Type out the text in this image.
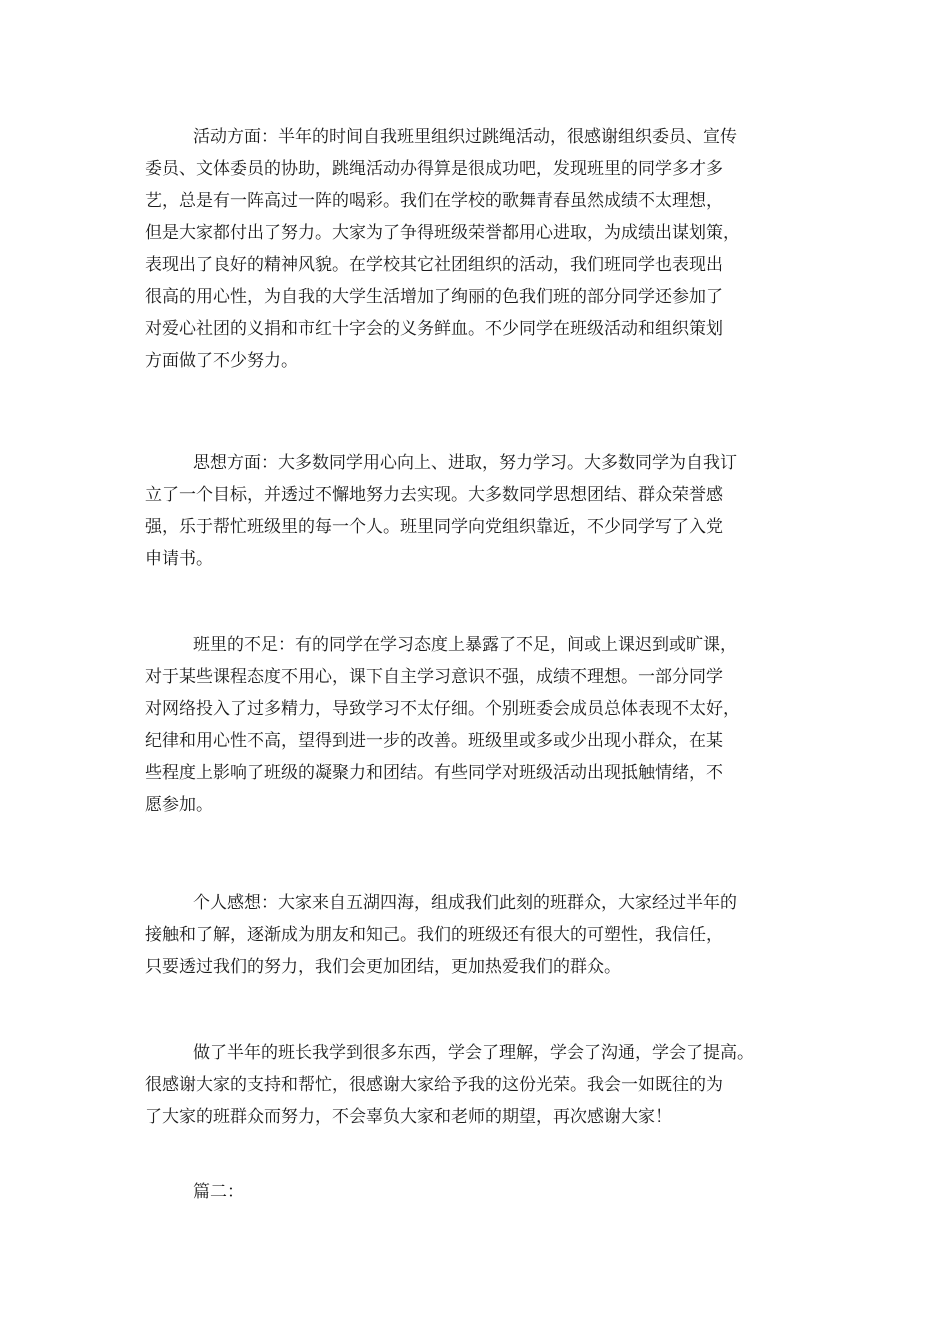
活动方面：半年的时间自我班里组织过跳绳活动，很感谢组织委员、宣传
委员、文体委员的协助，跳绳活动办得算是很成功吧，发现班里的同学多才多
艺，总是有一阵高过一阵的喝彩。我们在学校的歌舞青春虽然成绩不太理想，
但是大家都付出了努力。大家为了争得班级荣誉都用心进取，为成绩出谋划策，
表现出了良好的精神风貌。在学校其它社团组织的活动，我们班同学也表现出
很高的用心性，为自我的大学生活增加了绚丽的色我们班的部分同学还参加了
对爱心社团的义捐和市红十字会的义务鲜血。不少同学在班级活动和组织策划
方面做了不少努力。

思想方面：大多数同学用心向上、进取，努力学习。大多数同学为自我订
立了一个目标，并透过不懈地努力去实现。大多数同学思想团结、群众荣誉感
强，乐于帮忙班级里的每一个人。班里同学向党组织靠近，不少同学写了入党
申请书。

班里的不足：有的同学在学习态度上暴露了不足，间或上课迟到或旷课，
对于某些课程态度不用心，课下自主学习意识不强，成绩不理想。一部分同学
对网络投入了过多精力，导致学习不太仔细。个别班委会成员总体表现不太好，
纪律和用心性不高，望得到进一步的改善。班级里或多或少出现小群众，在某
些程度上影响了班级的凝聚力和团结。有些同学对班级活动出现抵触情绪，不
愿参加。

个人感想：大家来自五湖四海，组成我们此刻的班群众，大家经过半年的
接触和了解，逐渐成为朋友和知己。我们的班级还有很大的可塑性，我信任，
只要透过我们的努力，我们会更加团结，更加热爱我们的群众。

做了半年的班长我学到很多东西，学会了理解，学会了沟通，学会了提高。
很感谢大家的支持和帮忙，很感谢大家给予我的这份光荣。我会一如既往的为
了大家的班群众而努力，不会辜负大家和老师的期望，再次感谢大家！

篇二：
